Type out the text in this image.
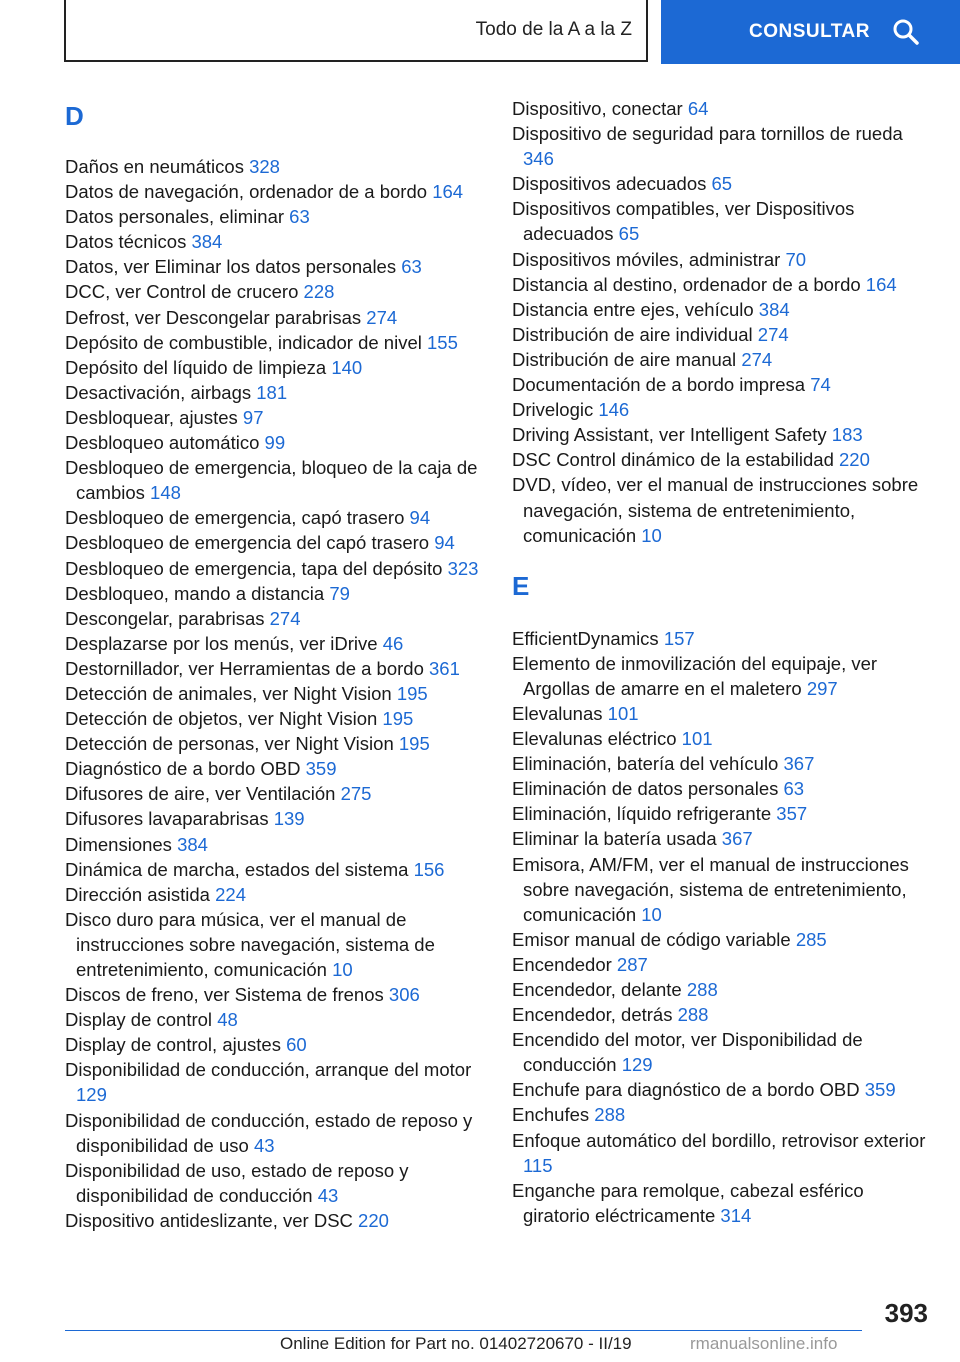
Todo de la A a la Z	CONSULTAR
D

Daños en neumáticos 328

Datos de navegación, ordenador de a bordo 164

Datos personales, eliminar 63

Datos técnicos 384

Datos, ver Eliminar los datos personales 63

DCC, ver Control de crucero 228

Defrost, ver Descongelar parabrisas 274

Depósito de combustible, indicador de nivel 155

Depósito del líquido de limpieza 140

Desactivación, airbags 181

Desbloquear, ajustes 97

Desbloqueo automático 99

Desbloqueo de emergencia, bloqueo de la caja de cambios 148

Desbloqueo de emergencia, capó trasero 94

Desbloqueo de emergencia del capó trasero 94

Desbloqueo de emergencia, tapa del depósito 323

Desbloqueo, mando a distancia 79

Descongelar, parabrisas 274

Desplazarse por los menús, ver iDrive 46

Destornillador, ver Herramientas de a bordo 361

Detección de animales, ver Night Vision 195

Detección de objetos, ver Night Vision 195

Detección de personas, ver Night Vision 195

Diagnóstico de a bordo OBD 359

Difusores de aire, ver Ventilación 275

Difusores lavaparabrisas 139

Dimensiones 384

Dinámica de marcha, estados del sistema 156

Dirección asistida 224

Disco duro para música, ver el manual de instrucciones sobre navegación, sistema de entretenimiento, comunicación 10

Discos de freno, ver Sistema de frenos 306

Display de control 48

Display de control, ajustes 60

Disponibilidad de conducción, arranque del motor 129

Disponibilidad de conducción, estado de reposo y disponibilidad de uso 43

Disponibilidad de uso, estado de reposo y disponibilidad de conducción 43

Dispositivo antideslizante, ver DSC 220

Dispositivo, conectar 64

Dispositivo de seguridad para tornillos de rueda 346

Dispositivos adecuados 65

Dispositivos compatibles, ver Dispositivos adecuados 65

Dispositivos móviles, administrar 70

Distancia al destino, ordenador de a bordo 164

Distancia entre ejes, vehículo 384

Distribución de aire individual 274

Distribución de aire manual 274

Documentación de a bordo impresa 74

Drivelogic 146

Driving Assistant, ver Intelligent Safety 183

DSC Control dinámico de la estabilidad 220

DVD, vídeo, ver el manual de instrucciones sobre navegación, sistema de entretenimiento, comunicación 10

E

EfficientDynamics 157

Elemento de inmovilización del equipaje, ver Argollas de amarre en el maletero 297

Elevalunas 101

Elevalunas eléctrico 101

Eliminación, batería del vehículo 367

Eliminación de datos personales 63

Eliminación, líquido refrigerante 357

Eliminar la batería usada 367

Emisora, AM/FM, ver el manual de instrucciones sobre navegación, sistema de entretenimiento, comunicación 10

Emisor manual de código variable 285

Encendedor 287

Encendedor, delante 288

Encendedor, detrás 288

Encendido del motor, ver Disponibilidad de conducción 129

Enchufe para diagnóstico de a bordo OBD 359

Enchufes 288

Enfoque automático del bordillo, retrovisor exterior 115

Enganche para remolque, cabezal esférico giratorio eléctricamente 314

393
Online Edition for Part no. 01402720670 - II/19	rmanualsonline.info
